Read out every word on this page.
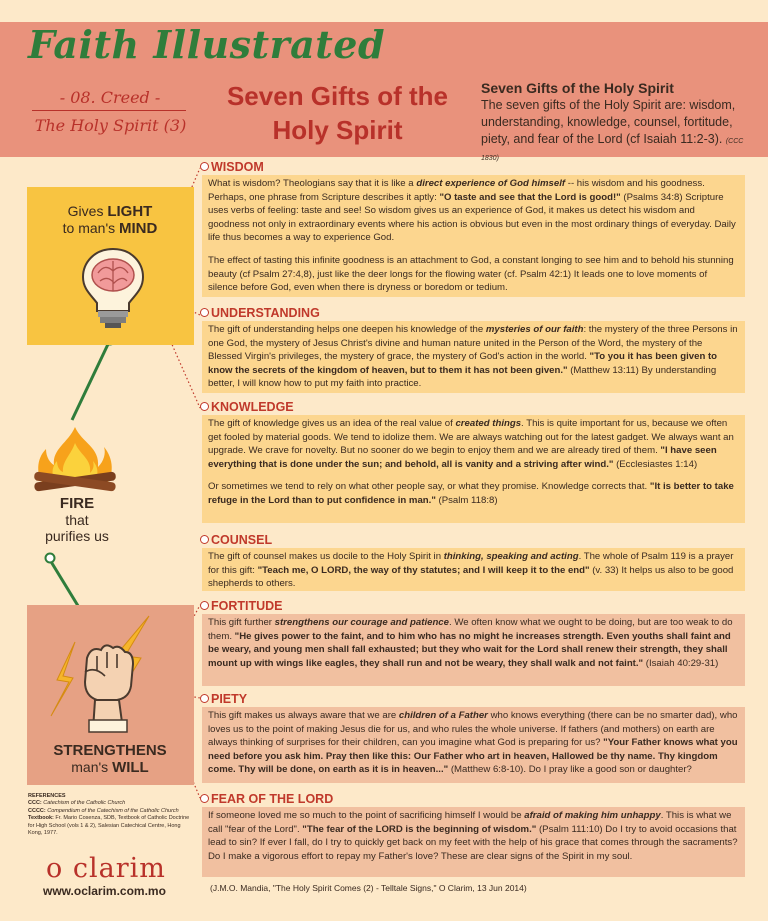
Faith Illustrated
- 08. Creed -
The Holy Spirit (3)
Seven Gifts of the
Holy Spirit
Seven Gifts of the Holy Spirit
The seven gifts of the Holy Spirit are: wisdom, understanding, knowledge, counsel, fortitude, piety, and fear of the Lord (cf Isaiah 11:2-3). (CCC 1830)
Gives LIGHT
to man's MIND
FIRE
that
purifies us
STRENGTHENS
man's WILL
REFERENCES
CCC: Catechism of the Catholic Church
CCCC: Compendium of the Catechism of the Catholic Church
Textbook: Fr. Mario Cosenza, SDB, Textbook of Catholic Doctrine for High School (vols 1 & 2), Salesian Catechical Centre, Hong Kong, 1977.
o clarim
www.oclarim.com.mo
WISDOM

What is wisdom? Theologians say that it is like a direct experience of God himself -- his wisdom and his goodness. Perhaps, one phrase from Scripture describes it aptly: "O taste and see that the Lord is good!" (Psalms 34:8) Scripture uses verbs of feeling: taste and see! So wisdom gives us an experience of God, it makes us detect his wisdom and goodness not only in extraordinary events where his action is obvious but even in the most ordinary things of everyday. Daily life thus becomes a way to experience God.

The effect of tasting this infinite goodness is an attachment to God, a constant longing to see him and to behold his stunning beauty (cf Psalm 27:4,8), just like the deer longs for the flowing water (cf. Psalm 42:1) It leads one to love moments of silence before God, even when there is dryness or boredom or tedium.

UNDERSTANDING

The gift of understanding helps one deepen his knowledge of the mysteries of our faith: the mystery of the three Persons in one God, the mystery of Jesus Christ's divine and human nature united in the Person of the Word, the mystery of the Blessed Virgin's privileges, the mystery of grace, the mystery of God's action in the world. "To you it has been given to know the secrets of the kingdom of heaven, but to them it has not been given." (Matthew 13:11) By understanding better, I will know how to put my faith into practice.

KNOWLEDGE

The gift of knowledge gives us an idea of the real value of created things. This is quite important for us, because we often get fooled by material goods. We tend to idolize them. We are always watching out for the latest gadget. We always want an upgrade. We crave for novelty. But no sooner do we begin to enjoy them and we are already tired of them. "I have seen everything that is done under the sun; and behold, all is vanity and a striving after wind." (Ecclesiastes 1:14)

Or sometimes we tend to rely on what other people say, or what they promise. Knowledge corrects that. "It is better to take refuge in the Lord than to put confidence in man." (Psalm 118:8)

COUNSEL

The gift of counsel makes us docile to the Holy Spirit in thinking, speaking and acting. The whole of Psalm 119 is a prayer for this gift: "Teach me, O LORD, the way of thy statutes; and I will keep it to the end" (v. 33) It helps us also to be good shepherds to others.

FORTITUDE

This gift further strengthens our courage and patience. We often know what we ought to be doing, but are too weak to do them. "He gives power to the faint, and to him who has no might he increases strength. Even youths shall faint and be weary, and young men shall fall exhausted; but they who wait for the Lord shall renew their strength, they shall mount up with wings like eagles, they shall run and not be weary, they shall walk and not faint." (Isaiah 40:29-31)

PIETY

This gift makes us always aware that we are children of a Father who knows everything (there can be no smarter dad), who loves us to the point of making Jesus die for us, and who rules the whole universe. If fathers (and mothers) on earth are always thinking of surprises for their children, can you imagine what God is preparing for us? "Your Father knows what you need before you ask him. Pray then like this: Our Father who art in heaven, Hallowed be thy name. Thy kingdom come. Thy will be done, on earth as it is in heaven..." (Matthew 6:8-10). Do I pray like a good son or daughter?

FEAR OF THE LORD

If someone loved me so much to the point of sacrificing himself I would be afraid of making him unhappy. This is what we call "fear of the Lord". "The fear of the LORD is the beginning of wisdom." (Psalm 111:10) Do I try to avoid occasions that lead to sin? If ever I fall, do I try to quickly get back on my feet with the help of his grace that comes through the sacraments? Do I make a vigorous effort to repay my Father's love? These are clear signs of the Spirit in my soul.

(J.M.O. Mandia, "The Holy Spirit Comes (2) - Telltale Signs," O Clarim, 13 Jun 2014)
